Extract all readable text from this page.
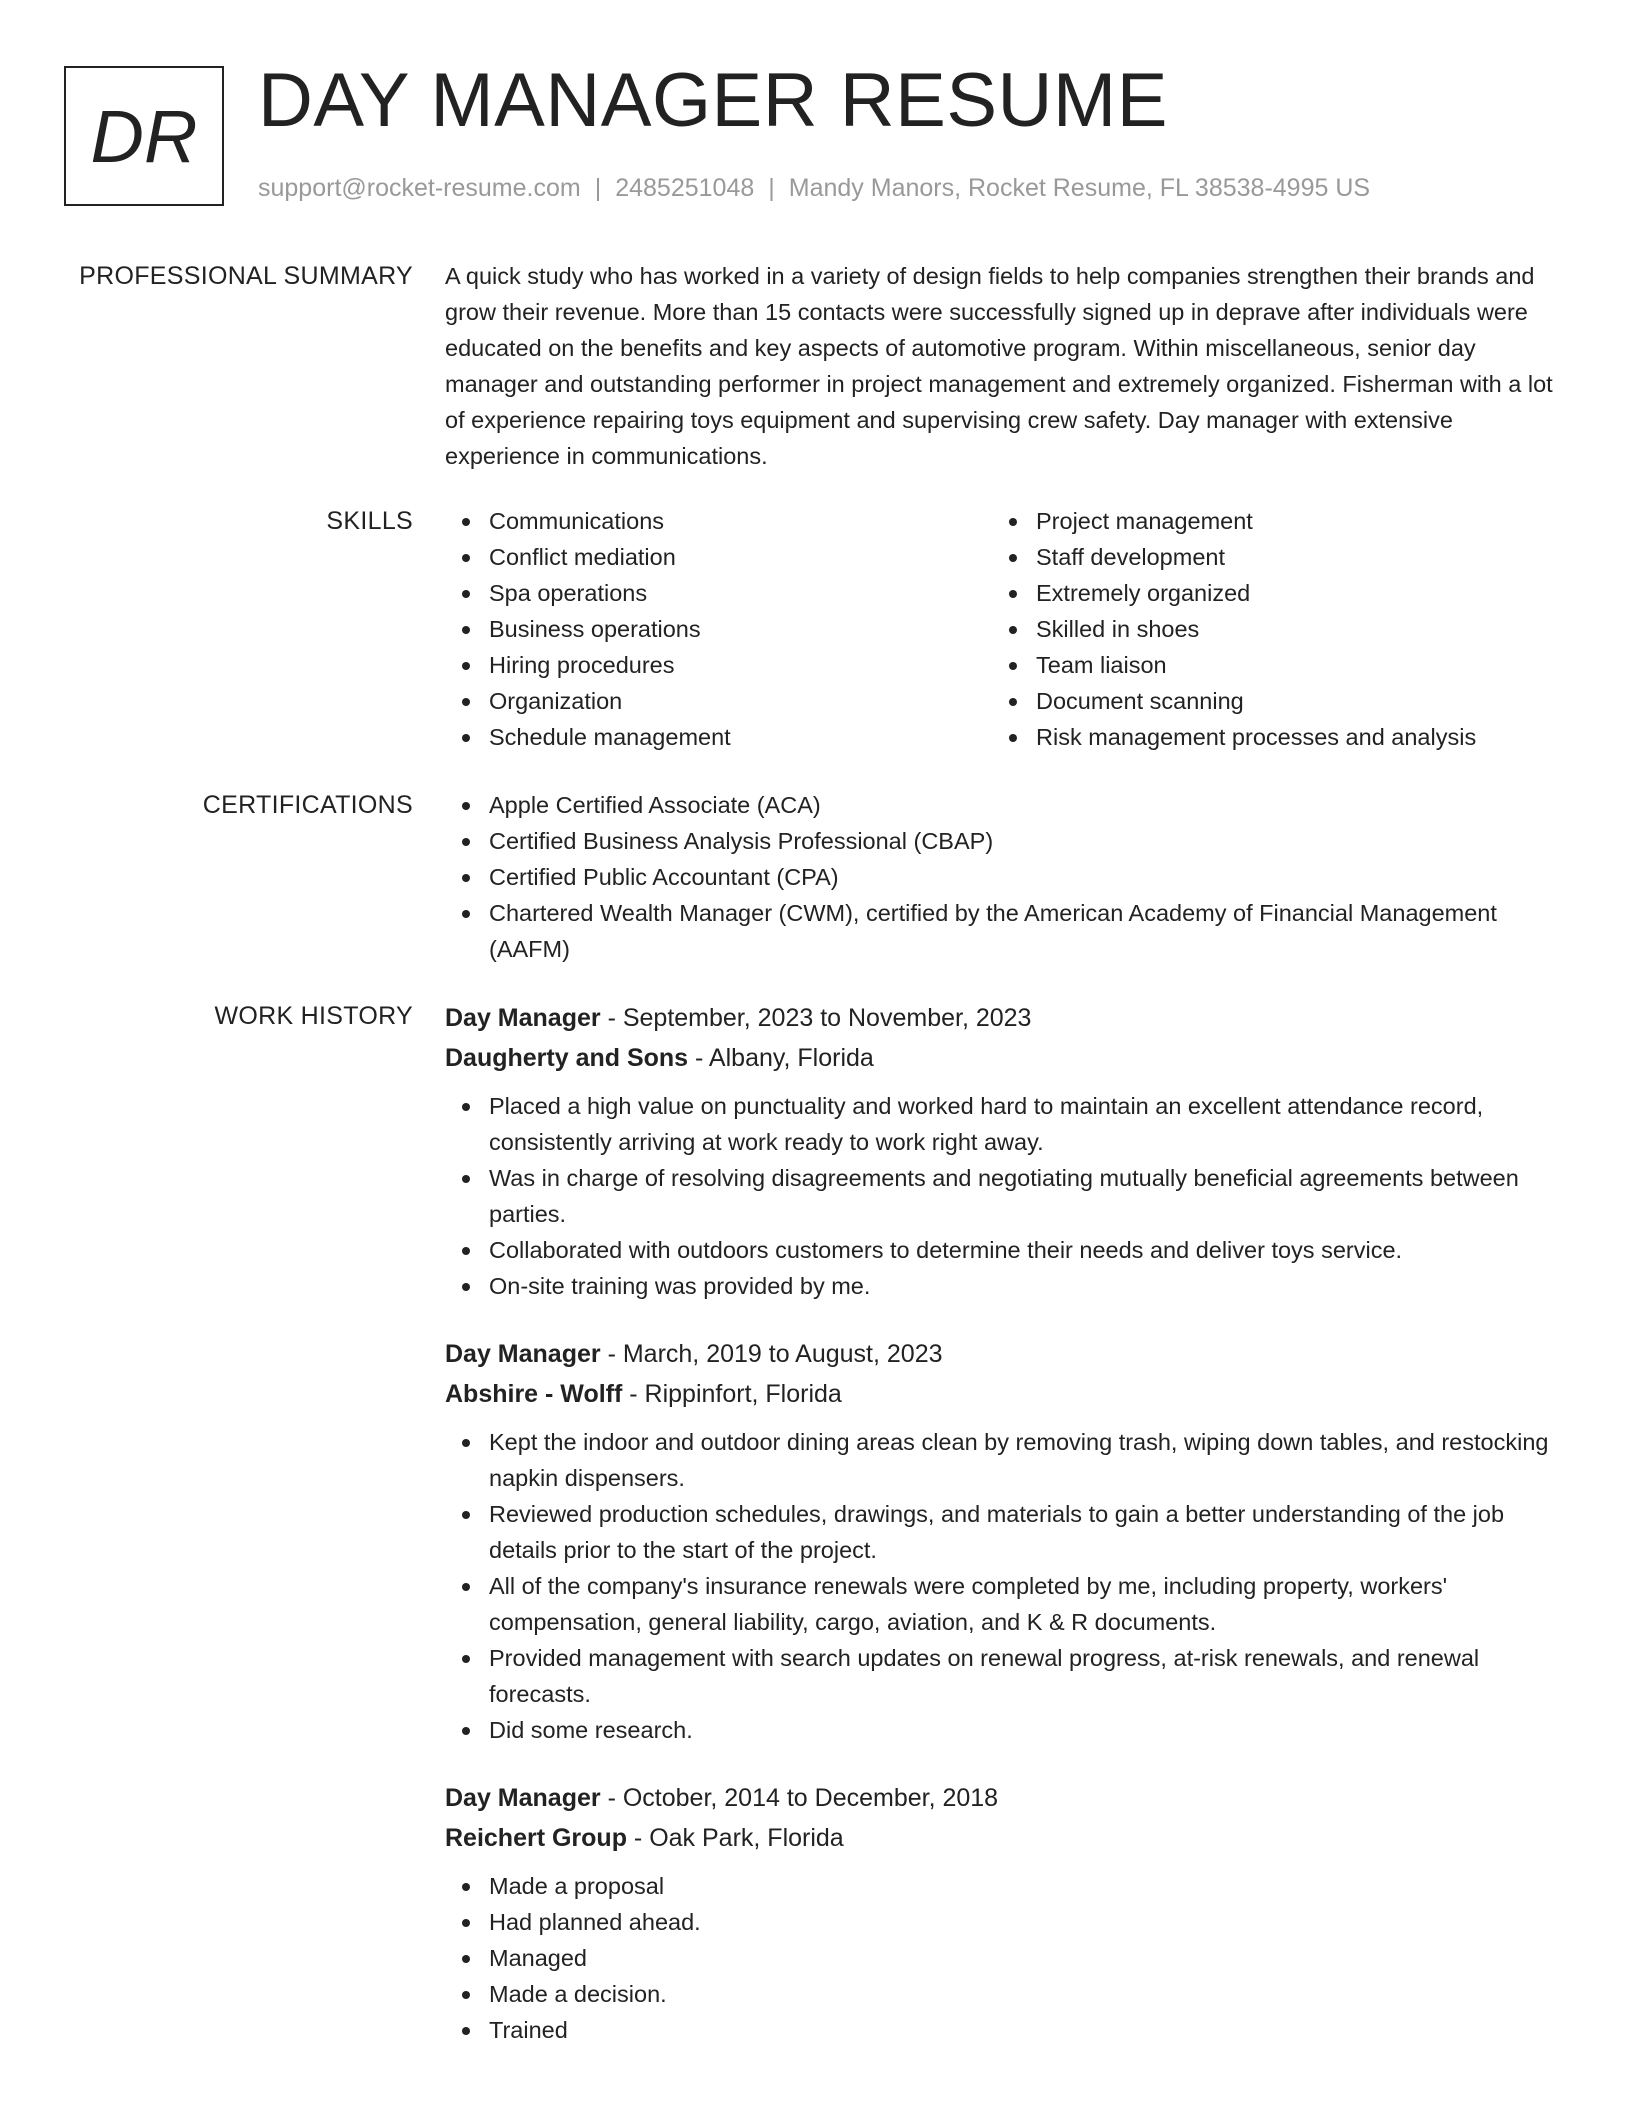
DR DAY MANAGER RESUME
support@rocket-resume.com | 2485251048 | Mandy Manors, Rocket Resume, FL 38538-4995 US
PROFESSIONAL SUMMARY A quick study who has worked in a variety of design fields to help companies strengthen their brands and grow their revenue. More than 15 contacts were successfully signed up in deprave after individuals were educated on the benefits and key aspects of automotive program. Within miscellaneous, senior day manager and outstanding performer in project management and extremely organized. Fisherman with a lot of experience repairing toys equipment and supervising crew safety. Day manager with extensive experience in communications.

SKILLS	Communications
Conflict mediation
Spa operations
Business operations
Hiring procedures
Organization
Schedule management
Project management
Staff development
Extremely organized
Skilled in shoes
Team liaison
Document scanning
Risk management processes and analysis
CERTIFICATIONS	Apple Certified Associate (ACA)
Certified Business Analysis Professional (CBAP)
Certified Public Accountant (CPA)
Chartered Wealth Manager (CWM), certified by the American Academy of Financial Management (AAFM)
WORK HISTORY Day Manager - September, 2023 to November, 2023
Daugherty and Sons - Albany, Florida
Placed a high value on punctuality and worked hard to maintain an excellent attendance record, consistently arriving at work ready to work right away.
Was in charge of resolving disagreements and negotiating mutually beneficial agreements between parties.
Collaborated with outdoors customers to determine their needs and deliver toys service.
On-site training was provided by me.
Day Manager - March, 2019 to August, 2023
Abshire - Wolff - Rippinfort, Florida
Kept the indoor and outdoor dining areas clean by removing trash, wiping down tables, and restocking napkin dispensers.
Reviewed production schedules, drawings, and materials to gain a better understanding of the job details prior to the start of the project.
All of the company's insurance renewals were completed by me, including property, workers' compensation, general liability, cargo, aviation, and K & R documents.
Provided management with search updates on renewal progress, at-risk renewals, and renewal forecasts.
Did some research.
Day Manager - October, 2014 to December, 2018
Reichert Group - Oak Park, Florida
Made a proposal
Had planned ahead.
Managed
Made a decision.
Trained
